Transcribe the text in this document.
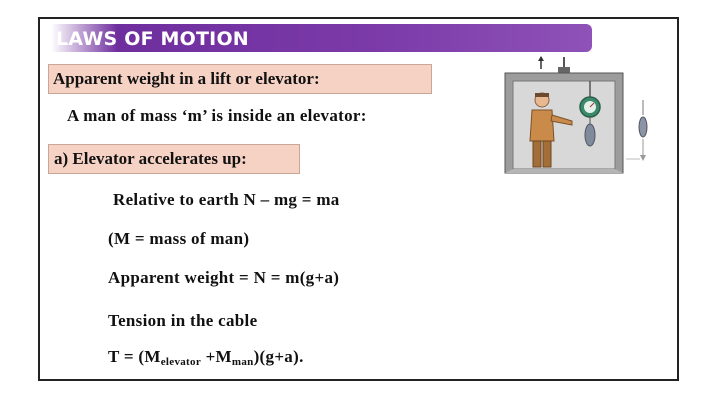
LAWS OF MOTION
Apparent weight in a lift or elevator:
A man of mass ‘m’ is inside an elevator:
a) Elevator accelerates up:
Relative to earth N – mg = ma
(M = mass of man)
Apparent weight = N = m(g+a)
Tension in the cable
$T = (M_{elevator} +M_{man})(g+a)$.
